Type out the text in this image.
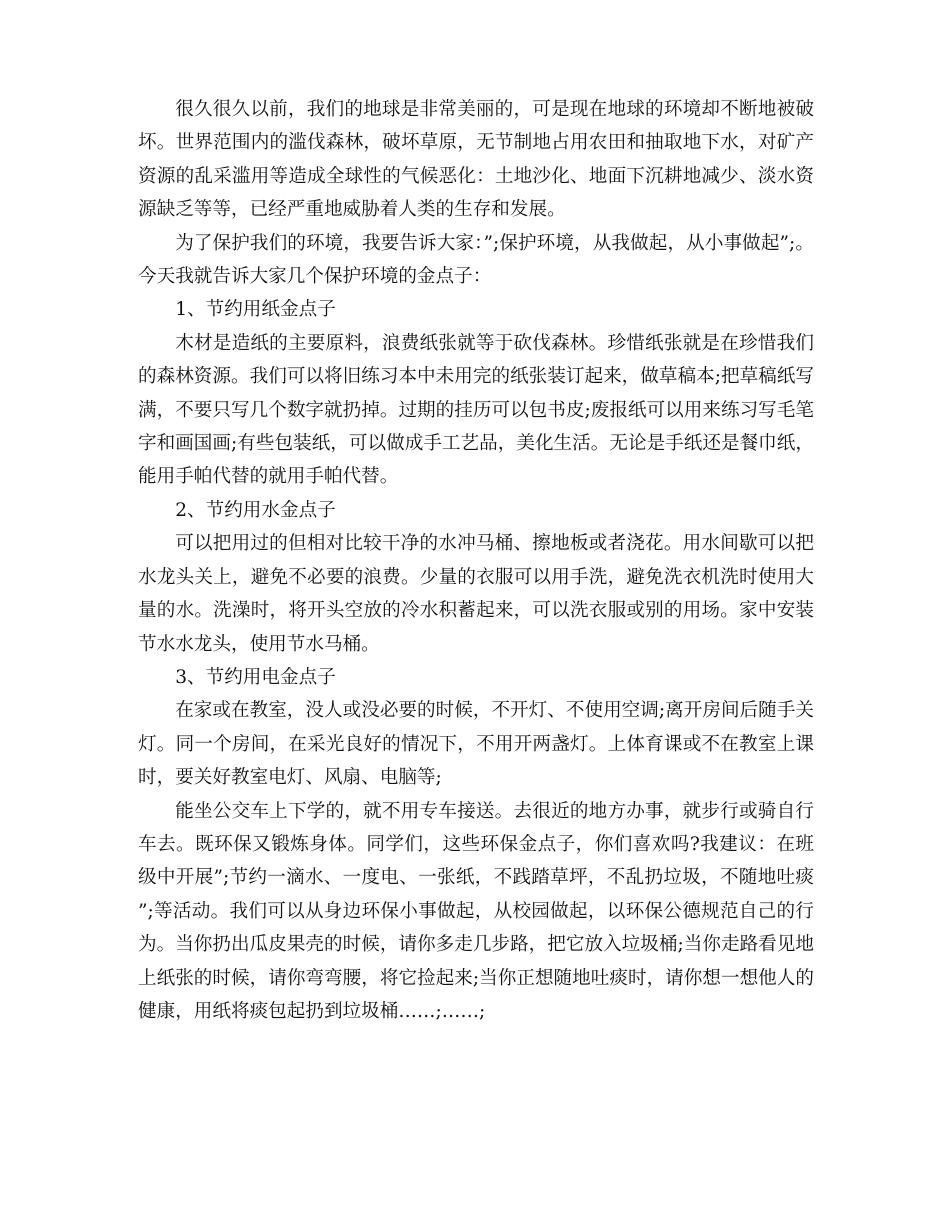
很久很久以前，我们的地球是非常美丽的，可是现在地球的环境却不断地被破坏。世界范围内的滥伐森林，破坏草原，无节制地占用农田和抽取地下水，对矿产资源的乱采滥用等造成全球性的气候恶化：土地沙化、地面下沉耕地减少、淡水资源缺乏等等，已经严重地威胁着人类的生存和发展。

为了保护我们的环境，我要告诉大家：”;保护环境，从我做起，从小事做起”;。今天我就告诉大家几个保护环境的金点子：

1、节约用纸金点子

木材是造纸的主要原料，浪费纸张就等于砍伐森林。珍惜纸张就是在珍惜我们的森林资源。我们可以将旧练习本中未用完的纸张装订起来，做草稿本;把草稿纸写满，不要只写几个数字就扔掉。过期的挂历可以包书皮;废报纸可以用来练习写毛笔字和画国画;有些包装纸，可以做成手工艺品，美化生活。无论是手纸还是餐巾纸，能用手帕代替的就用手帕代替。

2、节约用水金点子

可以把用过的但相对比较干净的水冲马桶、擦地板或者浇花。用水间歇可以把水龙头关上，避免不必要的浪费。少量的衣服可以用手洗，避免洗衣机洗时使用大量的水。洗澡时，将开头空放的冷水积蓄起来，可以洗衣服或别的用场。家中安装节水水龙头，使用节水马桶。

3、节约用电金点子

在家或在教室，没人或没必要的时候，不开灯、不使用空调;离开房间后随手关灯。同一个房间，在采光良好的情况下，不用开两盏灯。上体育课或不在教室上课时，要关好教室电灯、风扇、电脑等;

能坐公交车上下学的，就不用专车接送。去很近的地方办事，就步行或骑自行车去。既环保又锻炼身体。同学们，这些环保金点子，你们喜欢吗?我建议：在班级中开展”;节约一滴水、一度电、一张纸，不践踏草坪，不乱扔垃圾，不随地吐痰”;等活动。我们可以从身边环保小事做起，从校园做起，以环保公德规范自己的行为。当你扔出瓜皮果壳的时候，请你多走几步路，把它放入垃圾桶;当你走路看见地上纸张的时候，请你弯弯腰，将它捡起来;当你正想随地吐痰时，请你想一想他人的健康，用纸将痰包起扔到垃圾桶……;……;
